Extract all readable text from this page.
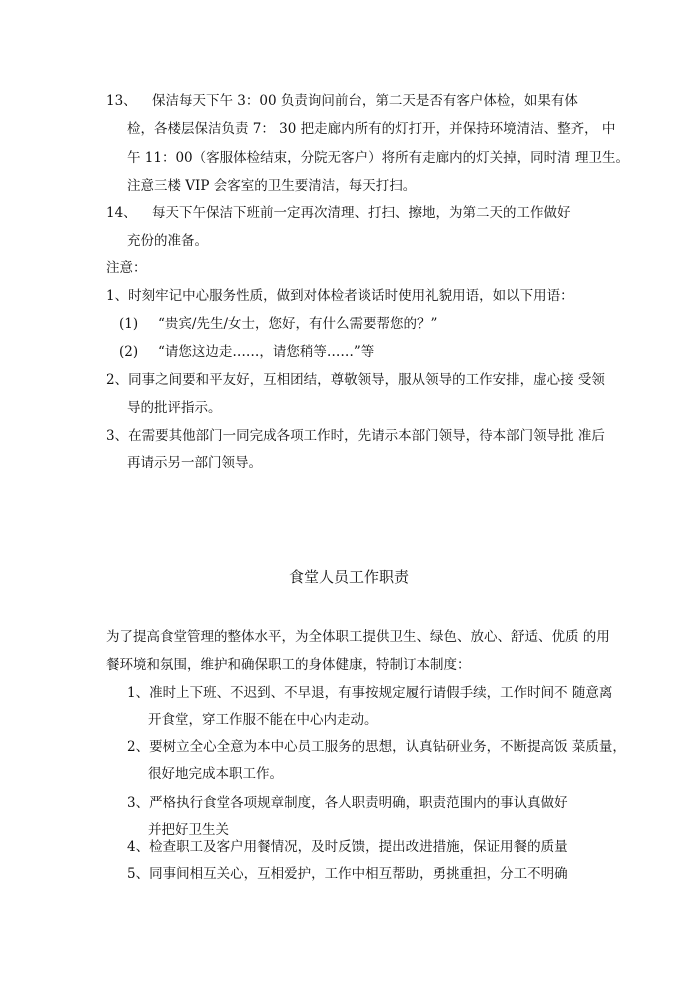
13、 保洁每天下午 3：00 负责询问前台，第二天是否有客户体检，如果有体
检，各楼层保洁负责 7： 30 把走廊内所有的灯打开，并保持环境清洁、整齐， 中
午 11：00（客服体检结束，分院无客户）将所有走廊内的灯关掉，同时清 理卫生。
注意三楼 VIP 会客室的卫生要清洁，每天打扫。
14、 每天下午保洁下班前一定再次清理、打扫、擦地，为第二天的工作做好
充份的准备。
注意：
1、时刻牢记中心服务性质，做到对体检者谈话时使用礼貌用语，如以下用语：
(1) “贵宾/先生/女士，您好，有什么需要帮您的？”
(2) “请您这边走……，请您稍等……”等
2、同事之间要和平友好，互相团结，尊敬领导，服从领导的工作安排，虚心接 受领
导的批评指示。
3、在需要其他部门一同完成各项工作时，先请示本部门领导，待本部门领导批 准后
再请示另一部门领导。
食堂人员工作职责
为了提高食堂管理的整体水平，为全体职工提供卫生、绿色、放心、舒适、优质 的用
餐环境和氛围，维护和确保职工的身体健康，特制订本制度：
1、准时上下班、不迟到、不早退，有事按规定履行请假手续，工作时间不 随意离
开食堂，穿工作服不能在中心内走动。
2、要树立全心全意为本中心员工服务的思想，认真钻研业务，不断提高饭 菜质量，
很好地完成本职工作。
3、严格执行食堂各项规章制度，各人职责明确，职责范围内的事认真做好
并把好卫生关
4、检查职工及客户用餐情况，及时反馈，提出改进措施，保证用餐的质量
5、同事间相互关心，互相爱护，工作中相互帮助，勇挑重担，分工不明确
